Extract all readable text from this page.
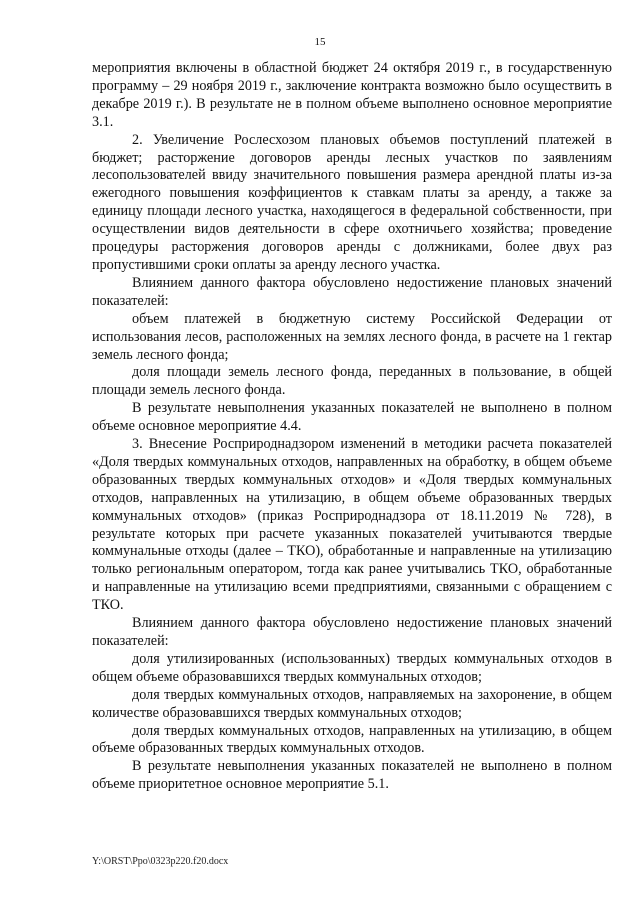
15

мероприятия включены в областной бюджет 24 октября 2019 г., в государственную программу – 29 ноября 2019 г., заключение контракта возможно было осуществить в декабре 2019 г.). В результате не в полном объеме выполнено основное мероприятие 3.1.

2. Увеличение Рослесхозом плановых объемов поступлений платежей в бюджет; расторжение договоров аренды лесных участков по заявлениям лесопользователей ввиду значительного повышения размера арендной платы из-за ежегодного повышения коэффициентов к ставкам платы за аренду, а также за единицу площади лесного участка, находящегося в федеральной собственности, при осуществлении видов деятельности в сфере охотничьего хозяйства; проведение процедуры расторжения договоров аренды с должниками, более двух раз пропустившими сроки оплаты за аренду лесного участка.

Влиянием данного фактора обусловлено недостижение плановых значений показателей:

объем платежей в бюджетную систему Российской Федерации от использования лесов, расположенных на землях лесного фонда, в расчете на 1 гектар земель лесного фонда;

доля площади земель лесного фонда, переданных в пользование, в общей площади земель лесного фонда.

В результате невыполнения указанных показателей не выполнено в полном объеме основное мероприятие 4.4.

3. Внесение Росприроднадзором изменений в методики расчета показателей «Доля твердых коммунальных отходов, направленных на обработку, в общем объеме образованных твердых коммунальных отходов» и «Доля твердых коммунальных отходов, направленных на утилизацию, в общем объеме образованных твердых коммунальных отходов» (приказ Росприроднадзора от 18.11.2019 № 728), в результате которых при расчете указанных показателей учитываются твердые коммунальные отходы (далее – ТКО), обработанные и направленные на утилизацию только региональным оператором, тогда как ранее учитывались ТКО, обработанные и направленные на утилизацию всеми предприятиями, связанными с обращением с ТКО.

Влиянием данного фактора обусловлено недостижение плановых значений показателей:

доля утилизированных (использованных) твердых коммунальных отходов в общем объеме образовавшихся твердых коммунальных отходов;

доля твердых коммунальных отходов, направляемых на захоронение, в общем количестве образовавшихся твердых коммунальных отходов;

доля твердых коммунальных отходов, направленных на утилизацию, в общем объеме образованных твердых коммунальных отходов.

В результате невыполнения указанных показателей не выполнено в полном объеме приоритетное основное мероприятие 5.1.

Y:\ORST\Ppo\0323p220.f20.docx
